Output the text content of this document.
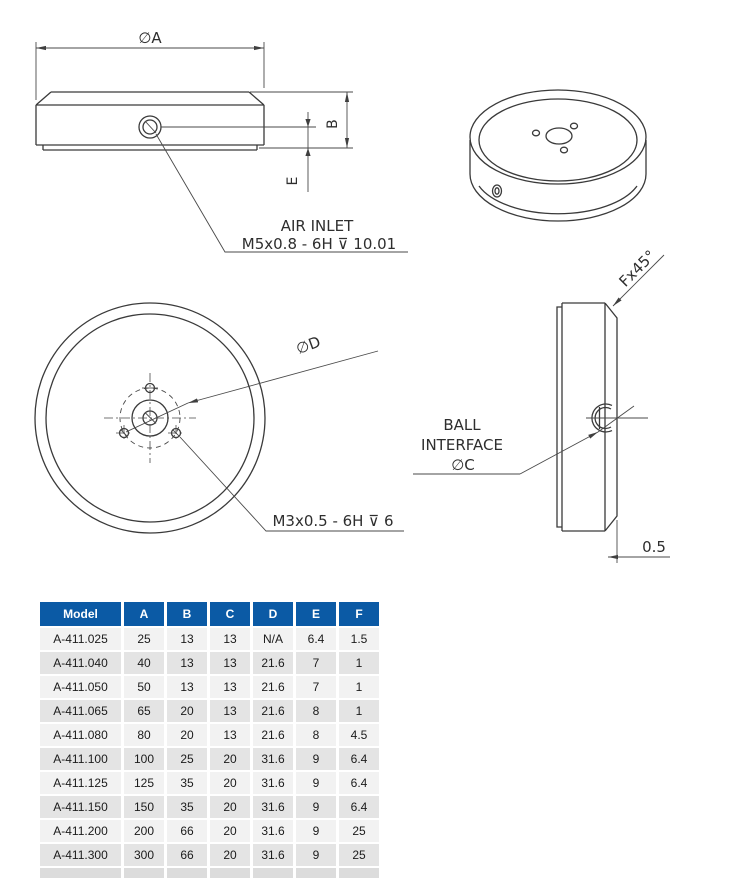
∅A
B
E
AIR INLET
M5x0.8 - 6H ⊽ 10.01
∅D
M3x0.5 - 6H ⊽ 6
Fx45°
BALL
INTERFACE
∅C
0.5
Model	A	B	C	D	E	F
A-411.025	25	13	13	N/A	6.4	1.5
A-411.040	40	13	13	21.6	7	1
A-411.050	50	13	13	21.6	7	1
A-411.065	65	20	13	21.6	8	1
A-411.080	80	20	13	21.6	8	4.5
A-411.100	100	25	20	31.6	9	6.4
A-411.125	125	35	20	31.6	9	6.4
A-411.150	150	35	20	31.6	9	6.4
A-411.200	200	66	20	31.6	9	25
A-411.300	300	66	20	31.6	9	25
